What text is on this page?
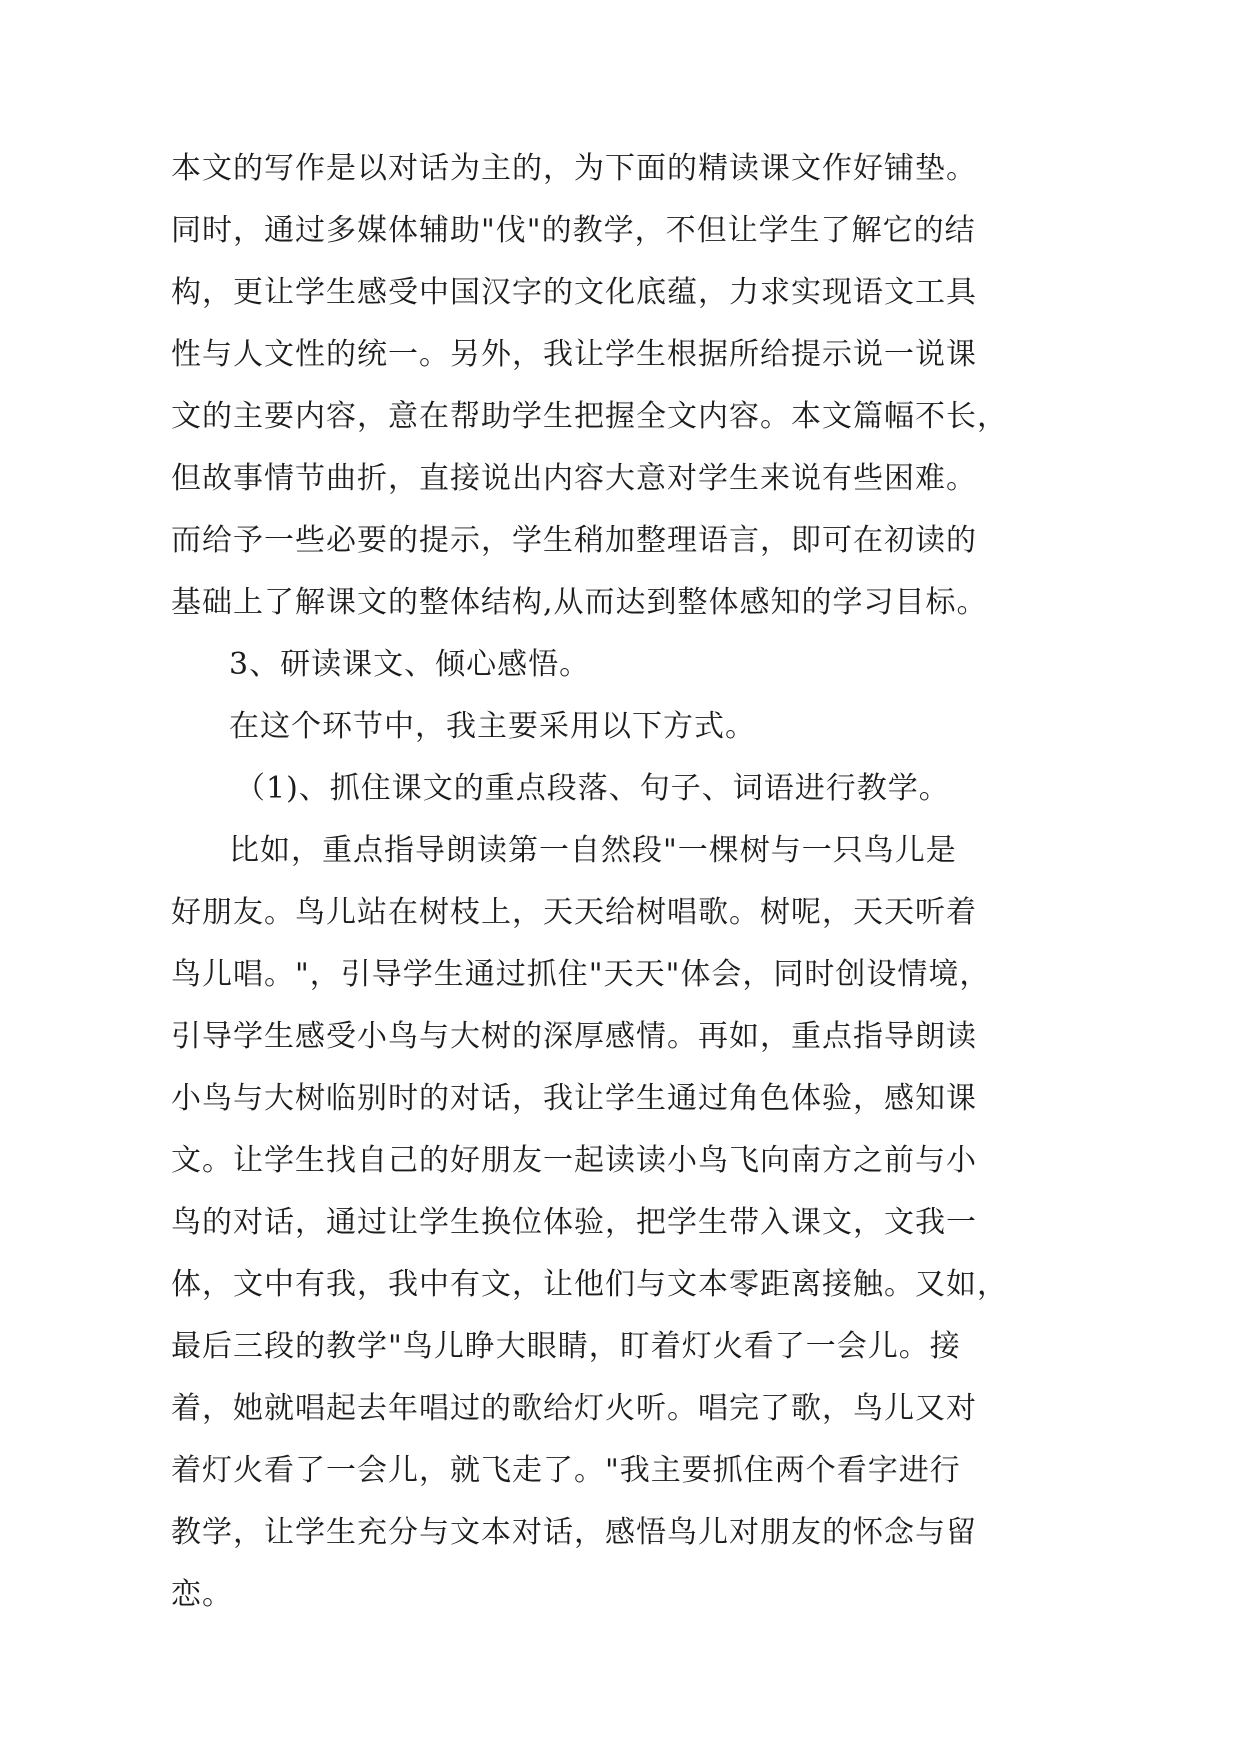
本文的写作是以对话为主的，为下面的精读课文作好铺垫。
同时，通过多媒体辅助"伐"的教学，不但让学生了解它的结
构，更让学生感受中国汉字的文化底蕴，力求实现语文工具
性与人文性的统一。另外，我让学生根据所给提示说一说课
文的主要内容，意在帮助学生把握全文内容。本文篇幅不长，
但故事情节曲折，直接说出内容大意对学生来说有些困难。
而给予一些必要的提示，学生稍加整理语言，即可在初读的
基础上了解课文的整体结构,从而达到整体感知的学习目标。
3、研读课文、倾心感悟。
在这个环节中，我主要采用以下方式。
（1)、抓住课文的重点段落、句子、词语进行教学。
比如，重点指导朗读第一自然段"一棵树与一只鸟儿是
好朋友。鸟儿站在树枝上，天天给树唱歌。树呢，天天听着
鸟儿唱。"，引导学生通过抓住"天天"体会，同时创设情境，
引导学生感受小鸟与大树的深厚感情。再如，重点指导朗读
小鸟与大树临别时的对话，我让学生通过角色体验，感知课
文。让学生找自己的好朋友一起读读小鸟飞向南方之前与小
鸟的对话，通过让学生换位体验，把学生带入课文，文我一
体，文中有我，我中有文，让他们与文本零距离接触。又如，
最后三段的教学"鸟儿睁大眼睛，盯着灯火看了一会儿。接
着，她就唱起去年唱过的歌给灯火听。唱完了歌，鸟儿又对
着灯火看了一会儿，就飞走了。"我主要抓住两个看字进行
教学，让学生充分与文本对话，感悟鸟儿对朋友的怀念与留
恋。
